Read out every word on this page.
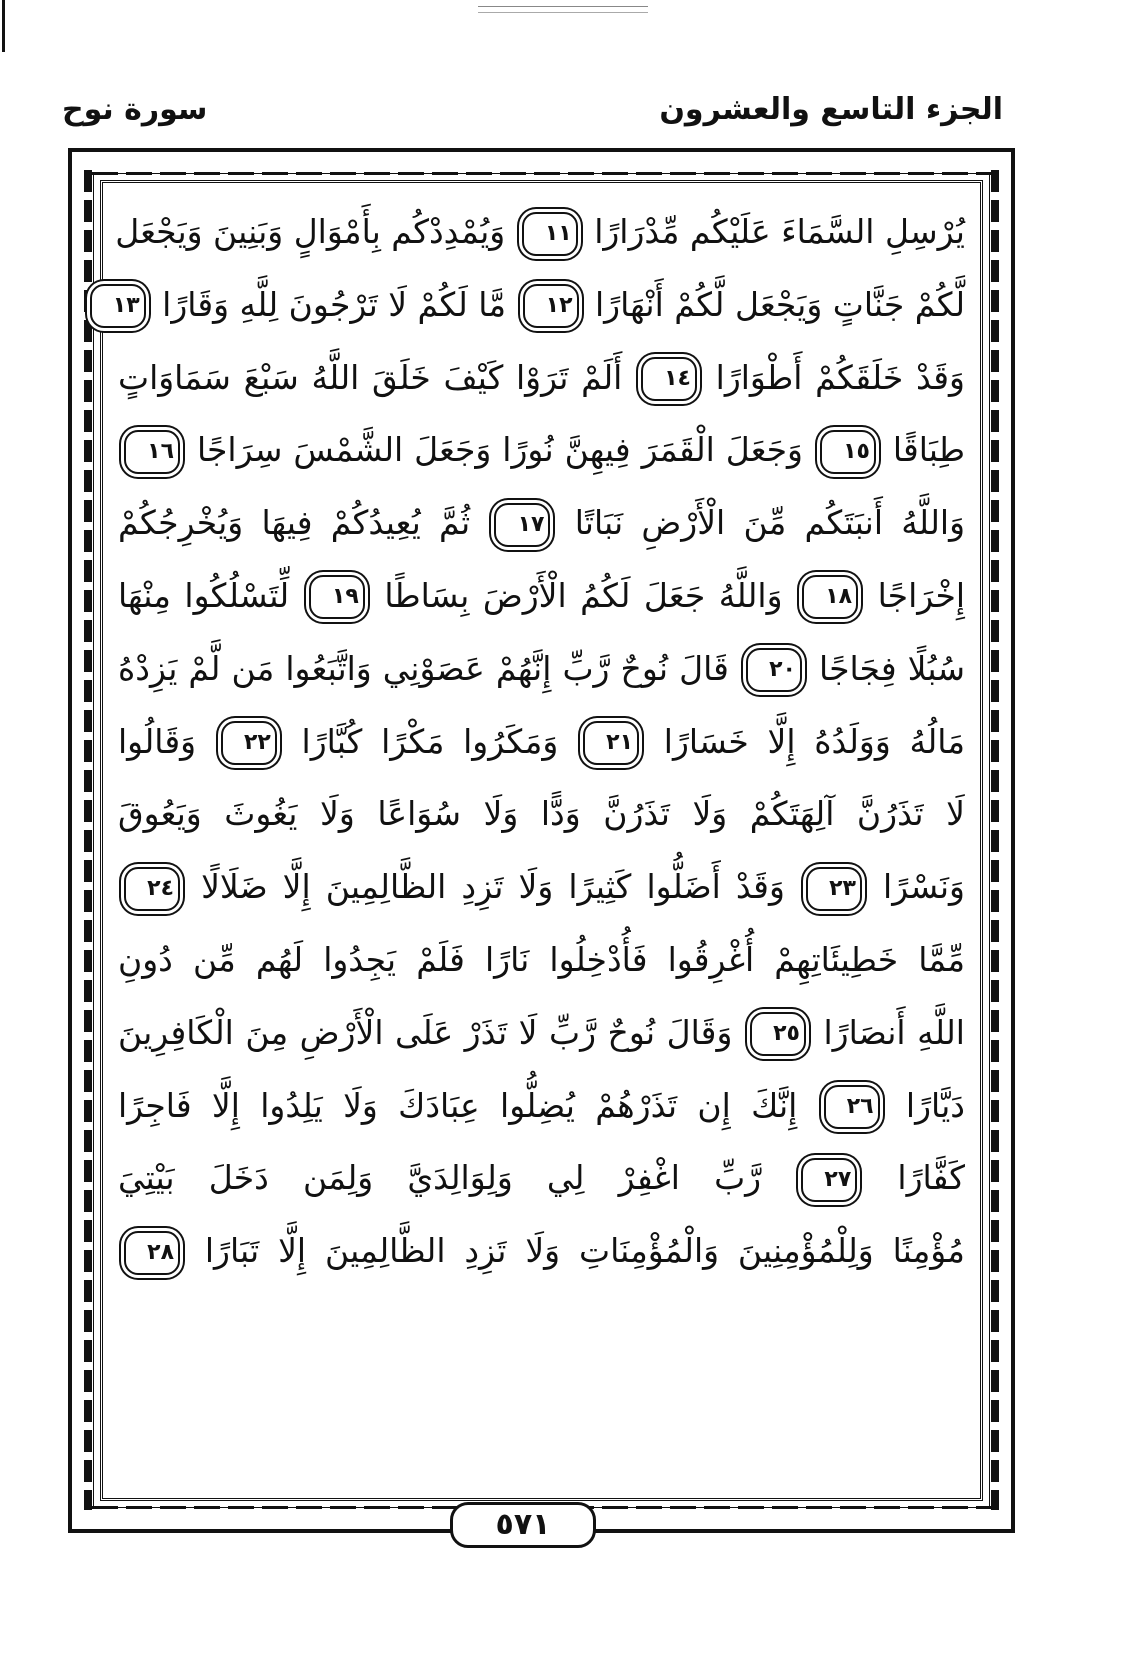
سورة نوح	الجزء التاسع والعشرون
يُرْسِلِ السَّمَاءَ عَلَيْكُم مِّدْرَارًا ١١ وَيُمْدِدْكُم بِأَمْوَالٍ وَبَنِينَ وَيَجْعَل
لَّكُمْ جَنَّاتٍ وَيَجْعَل لَّكُمْ أَنْهَارًا ١٢ مَّا لَكُمْ لَا تَرْجُونَ لِلَّهِ وَقَارًا ١٣
وَقَدْ خَلَقَكُمْ أَطْوَارًا ١٤ أَلَمْ تَرَوْا كَيْفَ خَلَقَ اللَّهُ سَبْعَ سَمَاوَاتٍ
طِبَاقًا ١٥ وَجَعَلَ الْقَمَرَ فِيهِنَّ نُورًا وَجَعَلَ الشَّمْسَ سِرَاجًا ١٦
وَاللَّهُ أَنبَتَكُم مِّنَ الْأَرْضِ نَبَاتًا ١٧ ثُمَّ يُعِيدُكُمْ فِيهَا وَيُخْرِجُكُمْ
إِخْرَاجًا ١٨ وَاللَّهُ جَعَلَ لَكُمُ الْأَرْضَ بِسَاطًا ١٩ لِّتَسْلُكُوا مِنْهَا
سُبُلًا فِجَاجًا ٢٠ قَالَ نُوحٌ رَّبِّ إِنَّهُمْ عَصَوْنِي وَاتَّبَعُوا مَن لَّمْ يَزِدْهُ
مَالُهُ وَوَلَدُهُ إِلَّا خَسَارًا ٢١ وَمَكَرُوا مَكْرًا كُبَّارًا ٢٢ وَقَالُوا
لَا تَذَرُنَّ آلِهَتَكُمْ وَلَا تَذَرُنَّ وَدًّا وَلَا سُوَاعًا وَلَا يَغُوثَ وَيَعُوقَ
وَنَسْرًا ٢٣ وَقَدْ أَضَلُّوا كَثِيرًا وَلَا تَزِدِ الظَّالِمِينَ إِلَّا ضَلَالًا ٢٤
مِّمَّا خَطِيئَاتِهِمْ أُغْرِقُوا فَأُدْخِلُوا نَارًا فَلَمْ يَجِدُوا لَهُم مِّن دُونِ
اللَّهِ أَنصَارًا ٢٥ وَقَالَ نُوحٌ رَّبِّ لَا تَذَرْ عَلَى الْأَرْضِ مِنَ الْكَافِرِينَ
دَيَّارًا ٢٦ إِنَّكَ إِن تَذَرْهُمْ يُضِلُّوا عِبَادَكَ وَلَا يَلِدُوا إِلَّا فَاجِرًا
كَفَّارًا ٢٧ رَّبِّ اغْفِرْ لِي وَلِوَالِدَيَّ وَلِمَن دَخَلَ بَيْتِيَ
مُؤْمِنًا وَلِلْمُؤْمِنِينَ وَالْمُؤْمِنَاتِ وَلَا تَزِدِ الظَّالِمِينَ إِلَّا تَبَارًا ٢٨
٥٧١
